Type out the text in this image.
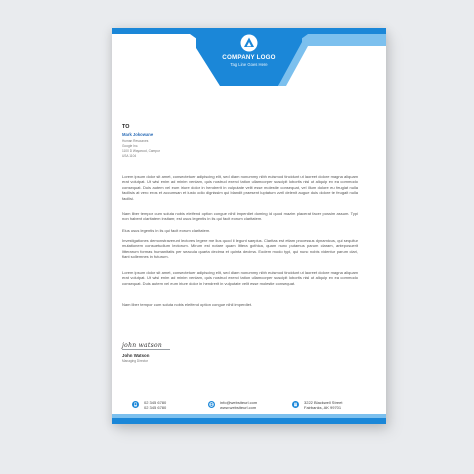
COMPANY LOGO
Tag Line Goes Here
TO
Mark Jokowane
Human Resources
Google Inc.
1100 D Waywood, Campur
USA 1104

Lorem ipsum dolor sit amet, consectetuer adipiscing elit, sed diam nonummy nibh euismod tincidunt ut laoreet dolore magna aliquam erat volutpat. Ut wisi enim ad minim veniam, quis nostrud exerci tation ullamcorper suscipit lobortis nisl ut aliquip ex ea commodo consequat. Duis autem vel eum iriure dolor in hendrerit in vulputate velit esse molestie consequat, vel illum dolore eu feugiat nulla facilisis at vero eros et accumsan et iusto odio dignissim qui blandit praesent luptatum zzril delenit augue duis dolore te feugait nulla facilisi.

Nam liber tempor cum soluta nobis eleifend option congue nihil imperdiet doming id quod mazim placerat facer possim assum. Typi non habent claritatem insitam; est usus legentis in iis qui facit eorum claritatem.

Eius usus legentis in iis qui facit eorum claritatem.

Investigationes demonstraverunt lectores legere me lius quod ii legunt saepius. Claritas est etiam processus dynamicus, qui sequitur mutationem consuetudium lectorum. Mirum est notare quam littera gothica, quam nunc putamus parum claram, anteposuerit litterarum formas humanitatis per seacula quarta decima et quinta decima. Eodem modo typi, qui nunc nobis videntur parum clari, fiant sollemnes in futurum.

Lorem ipsum dolor sit amet, consectetuer adipiscing elit, sed diam nonummy nibh euismod tincidunt ut laoreet dolore magna aliquam erat volutpat. Ut wisi enim ad minim veniam, quis nostrud exerci tation ullamcorper suscipit lobortis nisl ut aliquip ex ea commodo consequat. Duis autem vel eum iriure dolor in hendrerit in vulputate velit esse molestie consequat.

Nam liber tempor cum soluta nobis eleifend option congue nihil imperdiet.

john watson
John Watson
Managing Director
02 345 6780
02 345 6780
info@websiteurl.com
www.websiteurl.com
3222 Blackwell Street
Fairbanks, AK 99701
